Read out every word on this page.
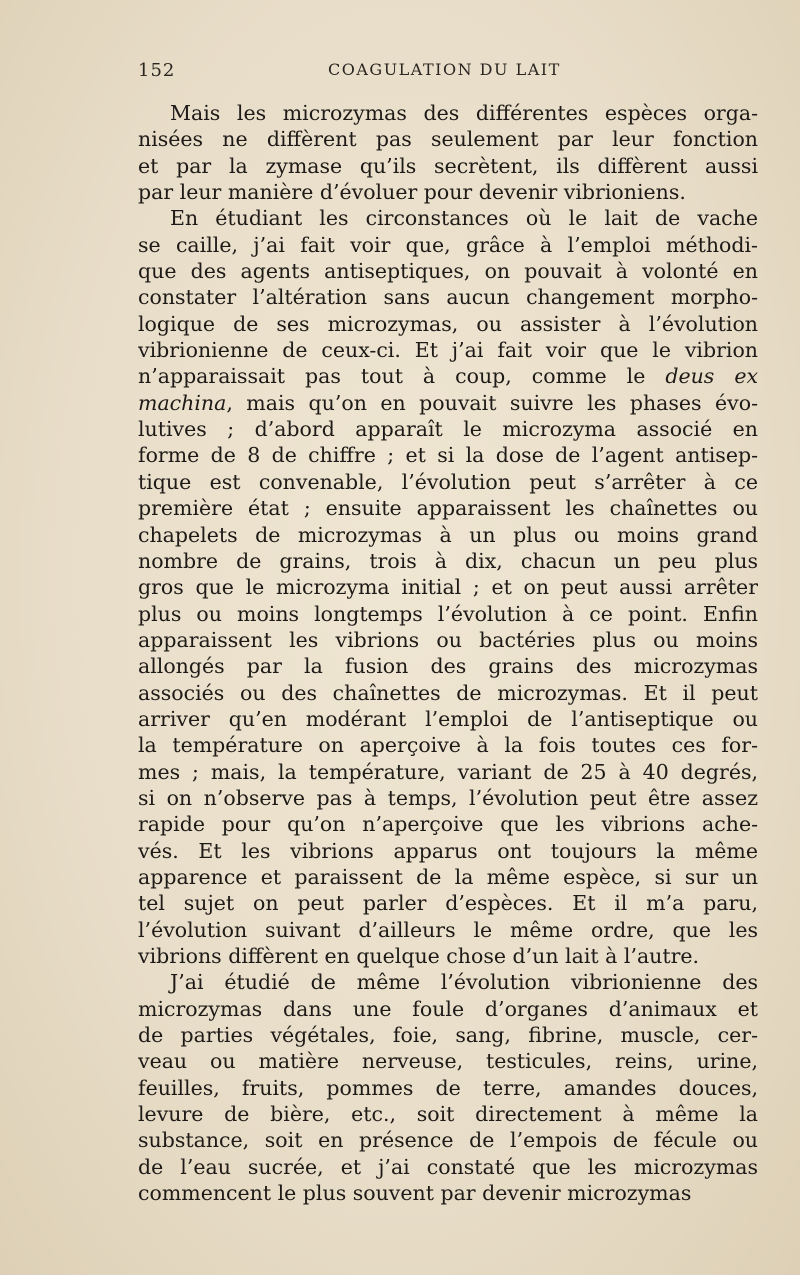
152	COAGULATION DU LAIT
Mais les microzymas des différentes espèces orga-
nisées ne diffèrent pas seulement par leur fonction
et par la zymase qu’ils secrètent, ils diffèrent aussi
par leur manière d’évoluer pour devenir vibrioniens.
En étudiant les circonstances où le lait de vache
se caille, j’ai fait voir que, grâce à l’emploi méthodi-
que des agents antiseptiques, on pouvait à volonté en
constater l’altération sans aucun changement morpho-
logique de ses microzymas, ou assister à l’évolution
vibrionienne de ceux-ci. Et j’ai fait voir que le vibrion
n’apparaissait pas tout à coup, comme le deus ex
machina, mais qu’on en pouvait suivre les phases évo-
lutives ; d’abord apparaît le microzyma associé en
forme de 8 de chiffre ; et si la dose de l’agent antisep-
tique est convenable, l’évolution peut s’arrêter à ce
première état ; ensuite apparaissent les chaînettes ou
chapelets de microzymas à un plus ou moins grand
nombre de grains, trois à dix, chacun un peu plus
gros que le microzyma initial ; et on peut aussi arrêter
plus ou moins longtemps l’évolution à ce point. Enfin
apparaissent les vibrions ou bactéries plus ou moins
allongés par la fusion des grains des microzymas
associés ou des chaînettes de microzymas. Et il peut
arriver qu’en modérant l’emploi de l’antiseptique ou
la température on aperçoive à la fois toutes ces for-
mes ; mais, la température, variant de 25 à 40 degrés,
si on n’observe pas à temps, l’évolution peut être assez
rapide pour qu’on n’aperçoive que les vibrions ache-
vés. Et les vibrions apparus ont toujours la même
apparence et paraissent de la même espèce, si sur un
tel sujet on peut parler d’espèces. Et il m’a paru,
l’évolution suivant d’ailleurs le même ordre, que les
vibrions diffèrent en quelque chose d’un lait à l’autre.
J’ai étudié de même l’évolution vibrionienne des
microzymas dans une foule d’organes d’animaux et
de parties végétales, foie, sang, fibrine, muscle, cer-
veau ou matière nerveuse, testicules, reins, urine,
feuilles, fruits, pommes de terre, amandes douces,
levure de bière, etc., soit directement à même la
substance, soit en présence de l’empois de fécule ou
de l’eau sucrée, et j’ai constaté que les microzymas
commencent le plus souvent par devenir microzymas
